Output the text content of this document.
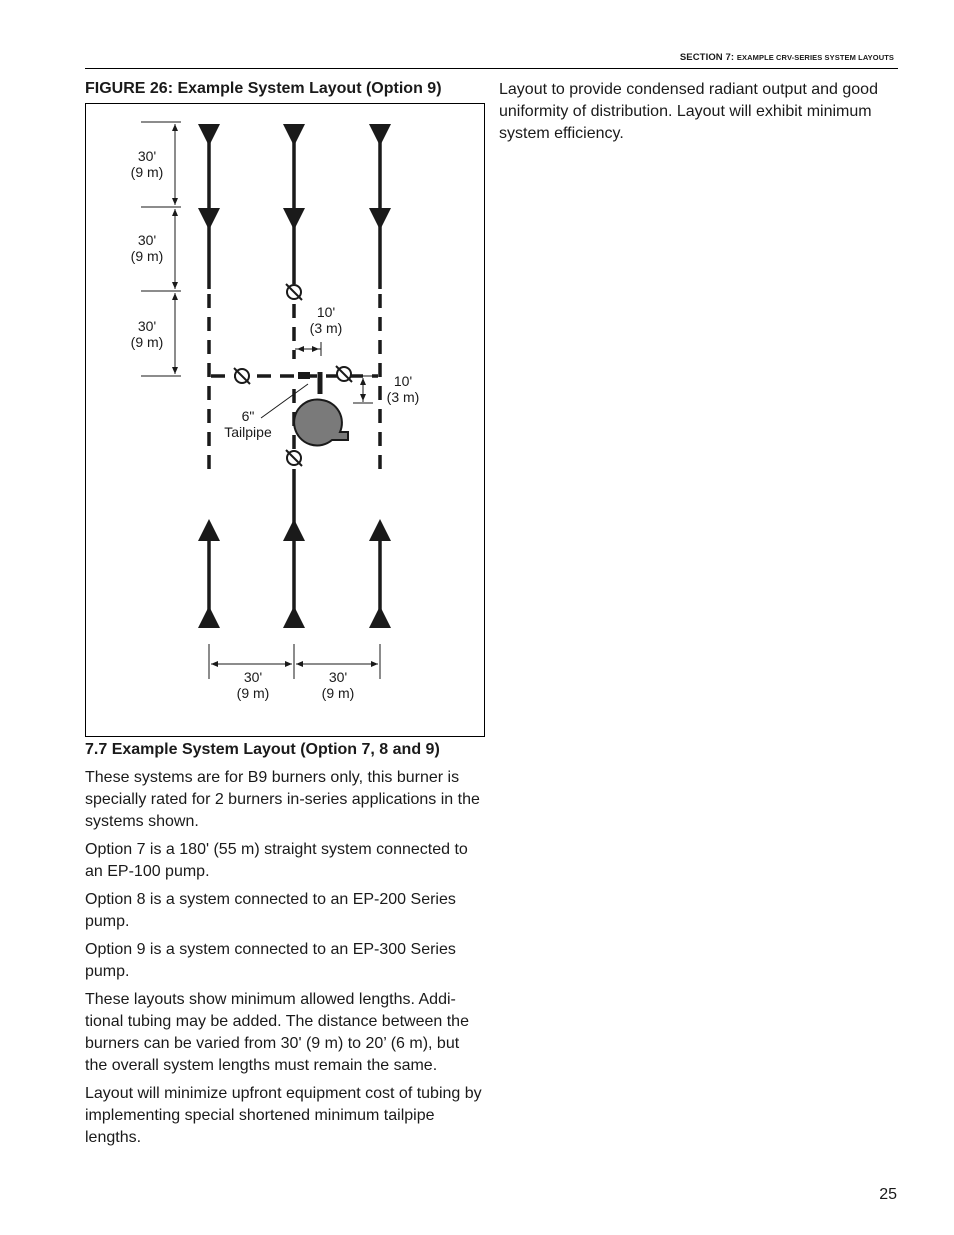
SECTION 7: EXAMPLE CRV-SERIES SYSTEM LAYOUTS
FIGURE 26: Example System Layout (Option 9)
30'
(9 m)
30'
(9 m)
30'
(9 m)
10'
(3 m)
10'
(3 m)
6"
Tailpipe
30'
(9 m)
30'
(9 m)
Layout to provide condensed radiant output and good uniformity of distribution. Layout will exhibit minimum system efficiency.
7.7 Example System Layout (Option 7, 8 and 9)

These systems are for B9 burners only, this burner is specially rated for 2 burners in-series applications in the systems shown.

Option 7 is a 180' (55 m) straight system connected to an EP-100 pump.

Option 8 is a system connected to an EP-200 Series pump.

Option 9 is a system connected to an EP-300 Series pump.

These layouts show minimum allowed lengths. Addi-tional tubing may be added. The distance between the burners can be varied from 30' (9 m) to 20’ (6 m), but the overall system lengths must remain the same.

Layout will minimize upfront equipment cost of tubing by implementing special shortened minimum tailpipe lengths.

25
